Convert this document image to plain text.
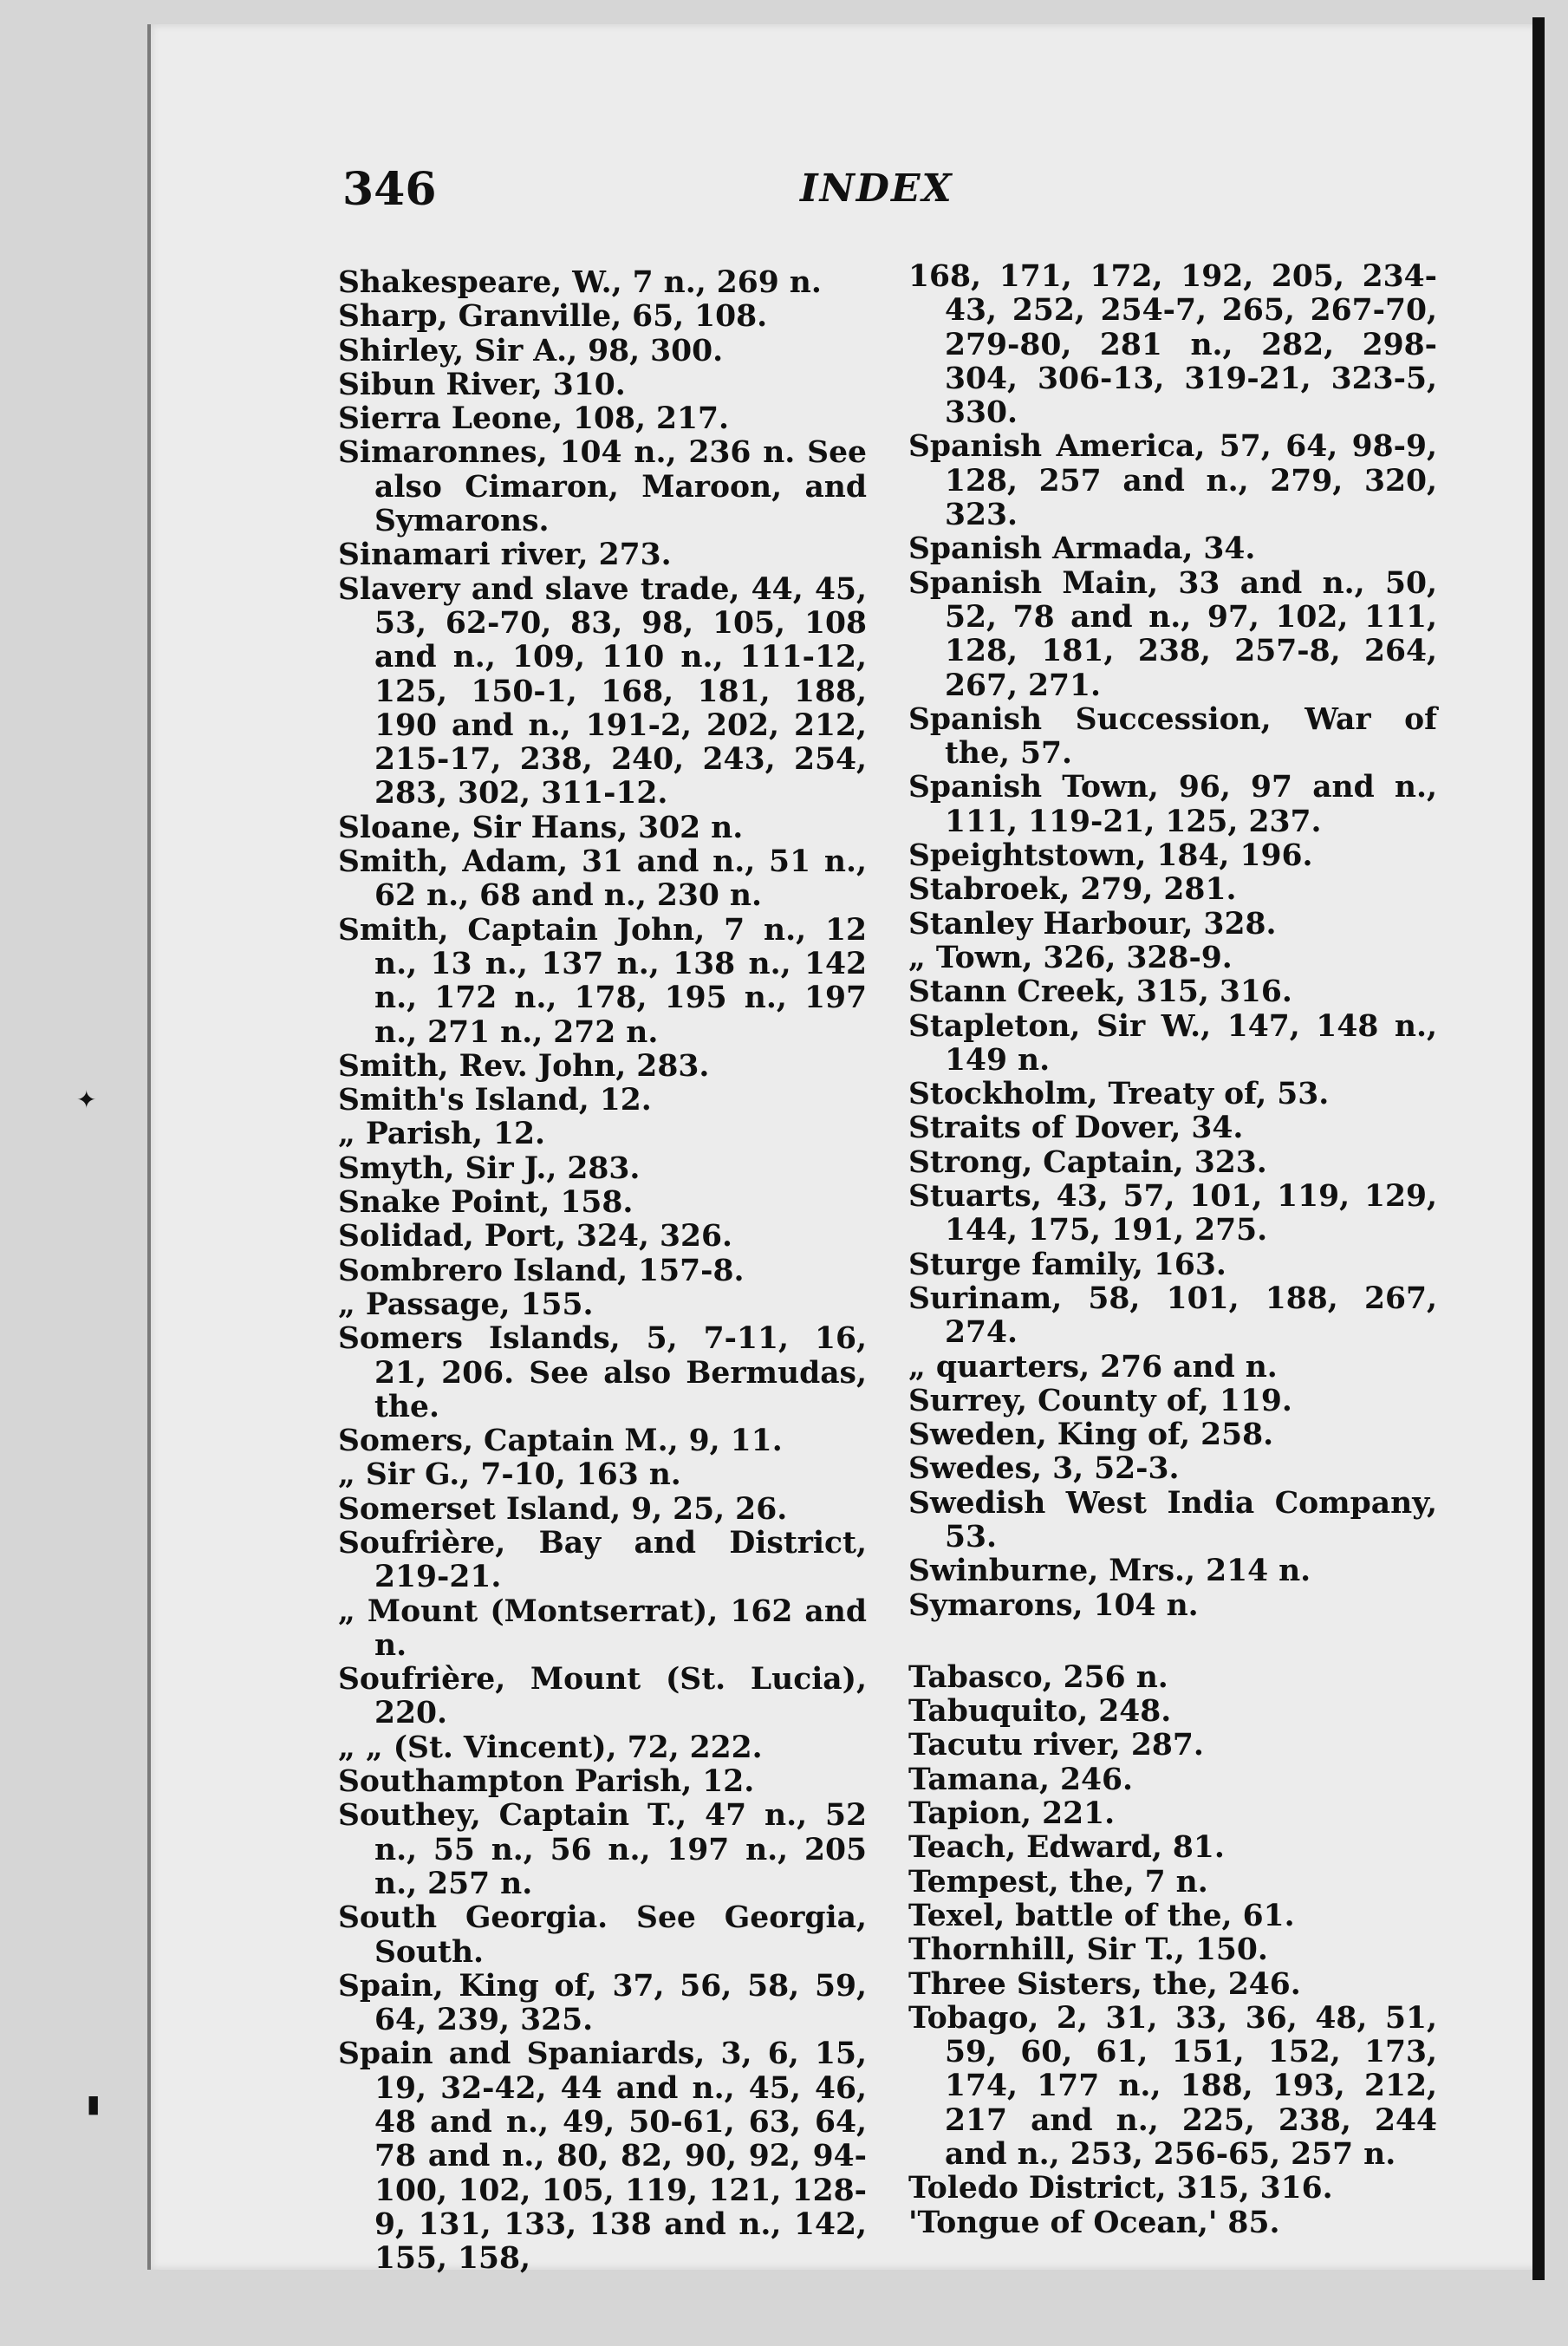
✦
▮
346	INDEX
Shakespeare, W., 7 n., 269 n.
Sharp, Granville, 65, 108.
Shirley, Sir A., 98, 300.
Sibun River, 310.
Sierra Leone, 108, 217.
Simaronnes, 104 n., 236 n. See also Cimaron, Maroon, and Symarons.
Sinamari river, 273.
Slavery and slave trade, 44, 45, 53, 62-70, 83, 98, 105, 108 and n., 109, 110 n., 111-12, 125, 150-1, 168, 181, 188, 190 and n., 191-2, 202, 212, 215-17, 238, 240, 243, 254, 283, 302, 311-12.
Sloane, Sir Hans, 302 n.
Smith, Adam, 31 and n., 51 n., 62 n., 68 and n., 230 n.
Smith, Captain John, 7 n., 12 n., 13 n., 137 n., 138 n., 142 n., 172 n., 178, 195 n., 197 n., 271 n., 272 n.
Smith, Rev. John, 283.
Smith's Island, 12.
„ Parish, 12.
Smyth, Sir J., 283.
Snake Point, 158.
Solidad, Port, 324, 326.
Sombrero Island, 157-8.
„ Passage, 155.
Somers Islands, 5, 7-11, 16, 21, 206. See also Bermudas, the.
Somers, Captain M., 9, 11.
„ Sir G., 7-10, 163 n.
Somerset Island, 9, 25, 26.
Soufrière, Bay and District, 219-21.
„ Mount (Montserrat), 162 and n.
Soufrière, Mount (St. Lucia), 220.
„ „ (St. Vincent), 72, 222.
Southampton Parish, 12.
Southey, Captain T., 47 n., 52 n., 55 n., 56 n., 197 n., 205 n., 257 n.
South Georgia. See Georgia, South.
Spain, King of, 37, 56, 58, 59, 64, 239, 325.
Spain and Spaniards, 3, 6, 15, 19, 32-42, 44 and n., 45, 46, 48 and n., 49, 50-61, 63, 64, 78 and n., 80, 82, 90, 92, 94-100, 102, 105, 119, 121, 128-9, 131, 133, 138 and n., 142, 155, 158,
168, 171, 172, 192, 205, 234-43, 252, 254-7, 265, 267-70, 279-80, 281 n., 282, 298-304, 306-13, 319-21, 323-5, 330.
Spanish America, 57, 64, 98-9, 128, 257 and n., 279, 320, 323.
Spanish Armada, 34.
Spanish Main, 33 and n., 50, 52, 78 and n., 97, 102, 111, 128, 181, 238, 257-8, 264, 267, 271.
Spanish Succession, War of the, 57.
Spanish Town, 96, 97 and n., 111, 119-21, 125, 237.
Speightstown, 184, 196.
Stabroek, 279, 281.
Stanley Harbour, 328.
„ Town, 326, 328-9.
Stann Creek, 315, 316.
Stapleton, Sir W., 147, 148 n., 149 n.
Stockholm, Treaty of, 53.
Straits of Dover, 34.
Strong, Captain, 323.
Stuarts, 43, 57, 101, 119, 129, 144, 175, 191, 275.
Sturge family, 163.
Surinam, 58, 101, 188, 267, 274.
„ quarters, 276 and n.
Surrey, County of, 119.
Sweden, King of, 258.
Swedes, 3, 52-3.
Swedish West India Company, 53.
Swinburne, Mrs., 214 n.
Symarons, 104 n.
Tabasco, 256 n.
Tabuquito, 248.
Tacutu river, 287.
Tamana, 246.
Tapion, 221.
Teach, Edward, 81.
Tempest, the, 7 n.
Texel, battle of the, 61.
Thornhill, Sir T., 150.
Three Sisters, the, 246.
Tobago, 2, 31, 33, 36, 48, 51, 59, 60, 61, 151, 152, 173, 174, 177 n., 188, 193, 212, 217 and n., 225, 238, 244 and n., 253, 256-65, 257 n.
Toledo District, 315, 316.
'Tongue of Ocean,' 85.
